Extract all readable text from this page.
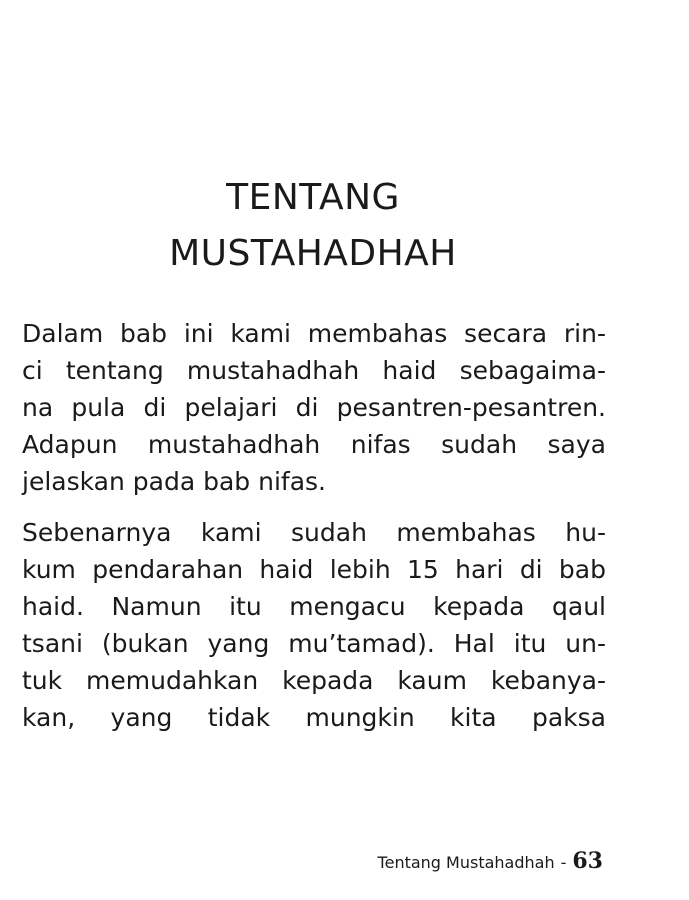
TENTANG
MUSTAHADHAH
Dalam bab ini kami membahas secara rin-
ci tentang mustahadhah haid sebagaima-
na pula di pelajari di pesantren-pesantren.
Adapun mustahadhah nifas sudah saya
jelaskan pada bab nifas.
Sebenarnya kami sudah membahas hu-
kum pendarahan haid lebih 15 hari di bab
haid. Namun itu mengacu kepada qaul
tsani (bukan yang mu’tamad). Hal itu un-
tuk memudahkan kepada kaum kebanya-
kan, yang tidak mungkin kita paksa
Tentang Mustahadhah - 63
